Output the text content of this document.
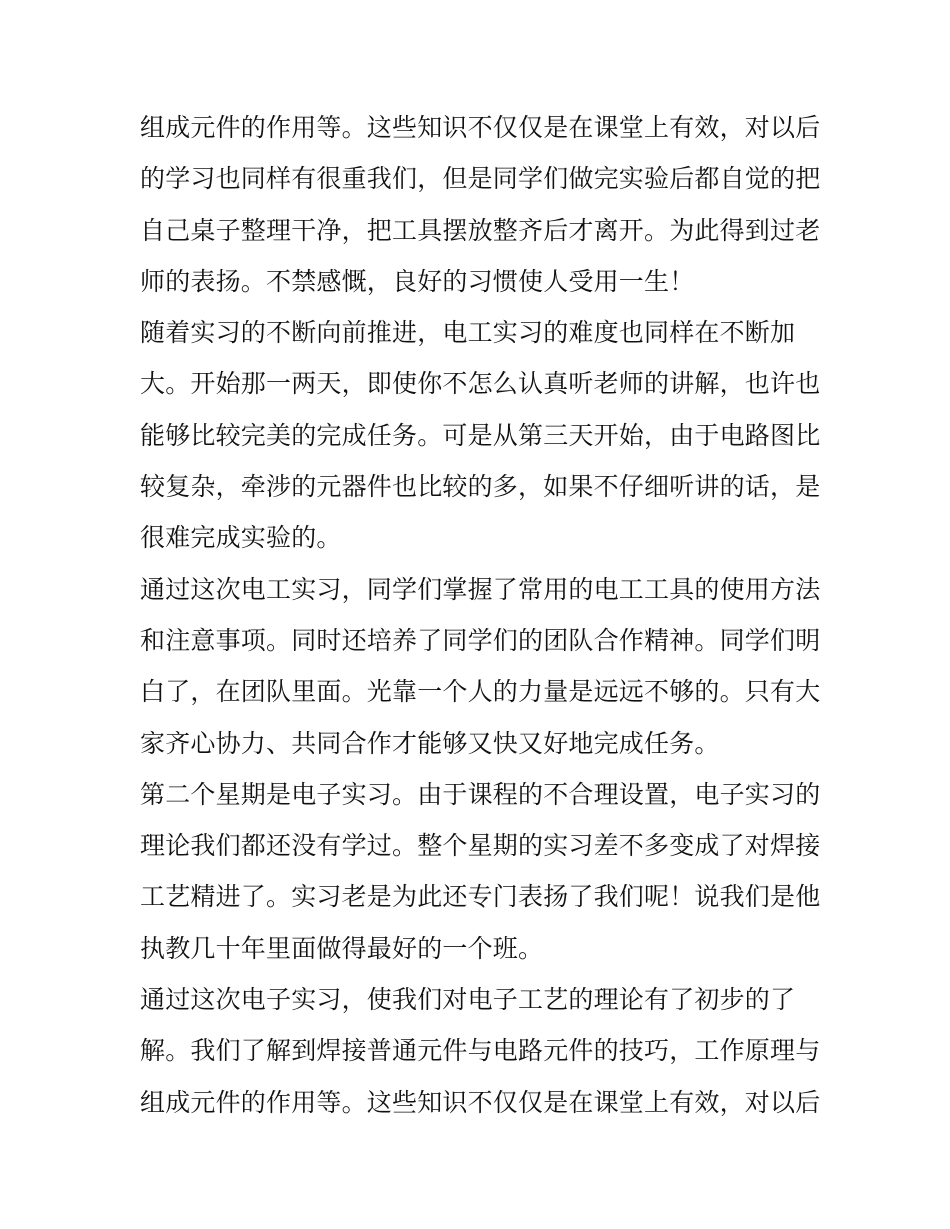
组成元件的作用等。这些知识不仅仅是在课堂上有效，对以后
的学习也同样有很重我们，但是同学们做完实验后都自觉的把
自己桌子整理干净，把工具摆放整齐后才离开。为此得到过老
师的表扬。不禁感慨，良好的习惯使人受用一生！
随着实习的不断向前推进，电工实习的难度也同样在不断加
大。开始那一两天，即使你不怎么认真听老师的讲解，也许也
能够比较完美的完成任务。可是从第三天开始，由于电路图比
较复杂，牵涉的元器件也比较的多，如果不仔细听讲的话，是
很难完成实验的。
通过这次电工实习，同学们掌握了常用的电工工具的使用方法
和注意事项。同时还培养了同学们的团队合作精神。同学们明
白了，在团队里面。光靠一个人的力量是远远不够的。只有大
家齐心协力、共同合作才能够又快又好地完成任务。
第二个星期是电子实习。由于课程的不合理设置，电子实习的
理论我们都还没有学过。整个星期的实习差不多变成了对焊接
工艺精进了。实习老是为此还专门表扬了我们呢！说我们是他
执教几十年里面做得最好的一个班。
通过这次电子实习，使我们对电子工艺的理论有了初步的了
解。我们了解到焊接普通元件与电路元件的技巧，工作原理与
组成元件的作用等。这些知识不仅仅是在课堂上有效，对以后
